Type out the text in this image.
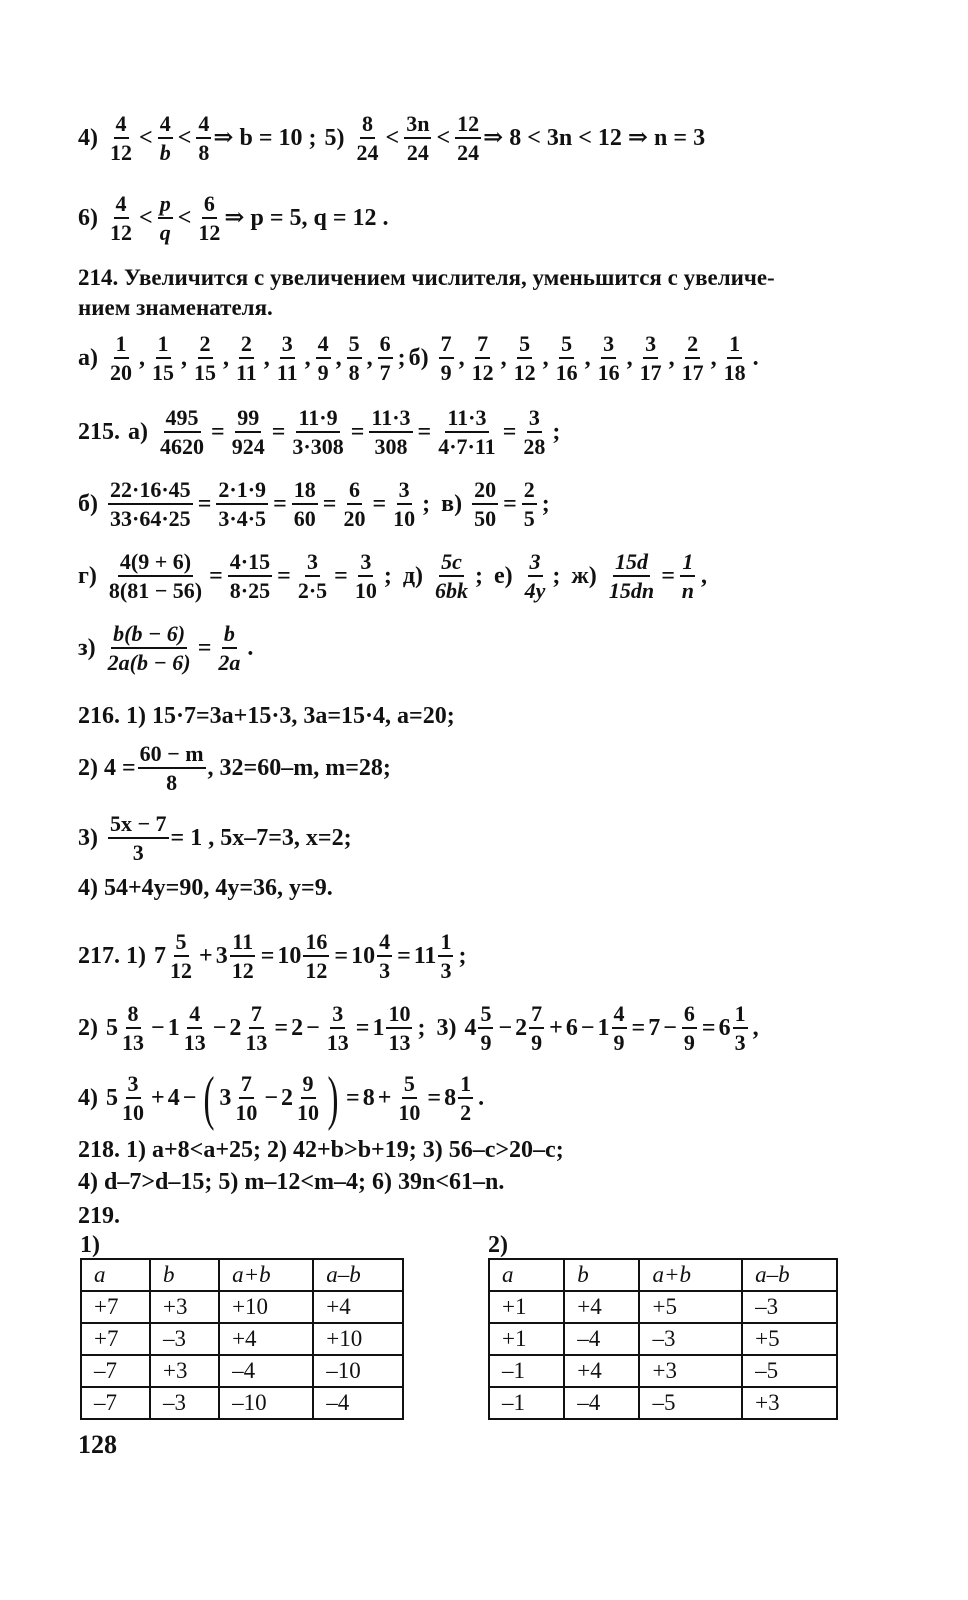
$4) \frac{4}{12} < \frac{4}{b} < \frac{4}{8}$ ⇒ b = 10 ; $5) \frac{8}{24} < \frac{3n}{24} < \frac{12}{24}$ ⇒ 8 < 3n < 12 ⇒ n = 3
$6) \frac{4}{12} < \frac{p}{q} < \frac{6}{12}$ ⇒ p = 5, q = 12 .
214. Увеличится с увеличением числителя, уменьшится с увеличе-
нием знаменателя.
$а) \frac{1}{20}$ , $\frac{1}{15}$ , $\frac{2}{15}$ , $\frac{2}{11}$ , $\frac{3}{11}$ , $\frac{4}{9}$ , $\frac{5}{8}$ , $\frac{6}{7}$ ; $б) \frac{7}{9}$ , $\frac{7}{12}$ , $\frac{5}{12}$ , $\frac{5}{16}$ , $\frac{3}{16}$ , $\frac{3}{17}$ , $\frac{2}{17}$ , $\frac{1}{18}$ .
215. $а) \frac{495}{4620} = \frac{99}{924} = \frac{11\cdot 9}{3\cdot 308} = \frac{11\cdot 3}{308} = \frac{11\cdot 3}{4\cdot 7\cdot 11} = \frac{3}{28}$ ;
$б) \frac{22\cdot 16\cdot 45}{33\cdot 64\cdot 25} = \frac{2\cdot 1\cdot 9}{3\cdot 4\cdot 5} = \frac{18}{60} = \frac{6}{20} = \frac{3}{10}$ ; $в) \frac{20}{50} = \frac{2}{5}$ ;
$г) \frac{4(9 + 6)}{8(81 - 56)} = \frac{4\cdot 15}{8\cdot 25} = \frac{3}{2\cdot 5} = \frac{3}{10}$ ; $д) \frac{5c}{6bk}$ ; $е) \frac{3}{4y}$ ; $ж) \frac{15d}{15dn} = \frac{1}{n}$ ,
$з) \frac{b(b - 6)}{2a(b - 6)} = \frac{b}{2a}$ .
216. 1) 15·7=3a+15·3, 3a=15·4, a=20;
2) $4 = \frac{60 - m}{8}$ , 32=60–m, m=28;
$3) \frac{5x - 7}{3} = 1$ , 5x–7=3, x=2;
4) 54+4y=90, 4y=36, y=9.
217. 1) $7 \frac{5}{12} + 3 \frac{11}{12} = 10 \frac{16}{12} = 10 \frac{4}{3} = 11 \frac{1}{3}$ ;
2) $5 \frac{8}{13} - 1 \frac{4}{13} - 2 \frac{7}{13} = 2 - \frac{3}{13} = 1 \frac{10}{13}$ ; 3) $4 \frac{5}{9} - 2 \frac{7}{9} + 6 - 1 \frac{4}{9} = 7 - \frac{6}{9} = 6 \frac{1}{3}$ ,
4) $5 \frac{3}{10} + 4$ − ( $3 \frac{7}{10} - 2 \frac{9}{10}$ ) = $8 + \frac{5}{10} = 8 \frac{1}{2}$ .
218. 1) a+8<a+25; 2) 42+b>b+19; 3) 56–c>20–c;
4) d–7>d–15; 5) m–12<m–4; 6) 39n<61–n.
219.
1)	2)
a	b	a+b	a–b
+7	+3	+10	+4
+7	–3	+4	+10
–7	+3	–4	–10
–7	–3	–10	–4
a	b	a+b	a–b
+1	+4	+5	–3
+1	–4	–3	+5
–1	+4	+3	–5
–1	–4	–5	+3
128
